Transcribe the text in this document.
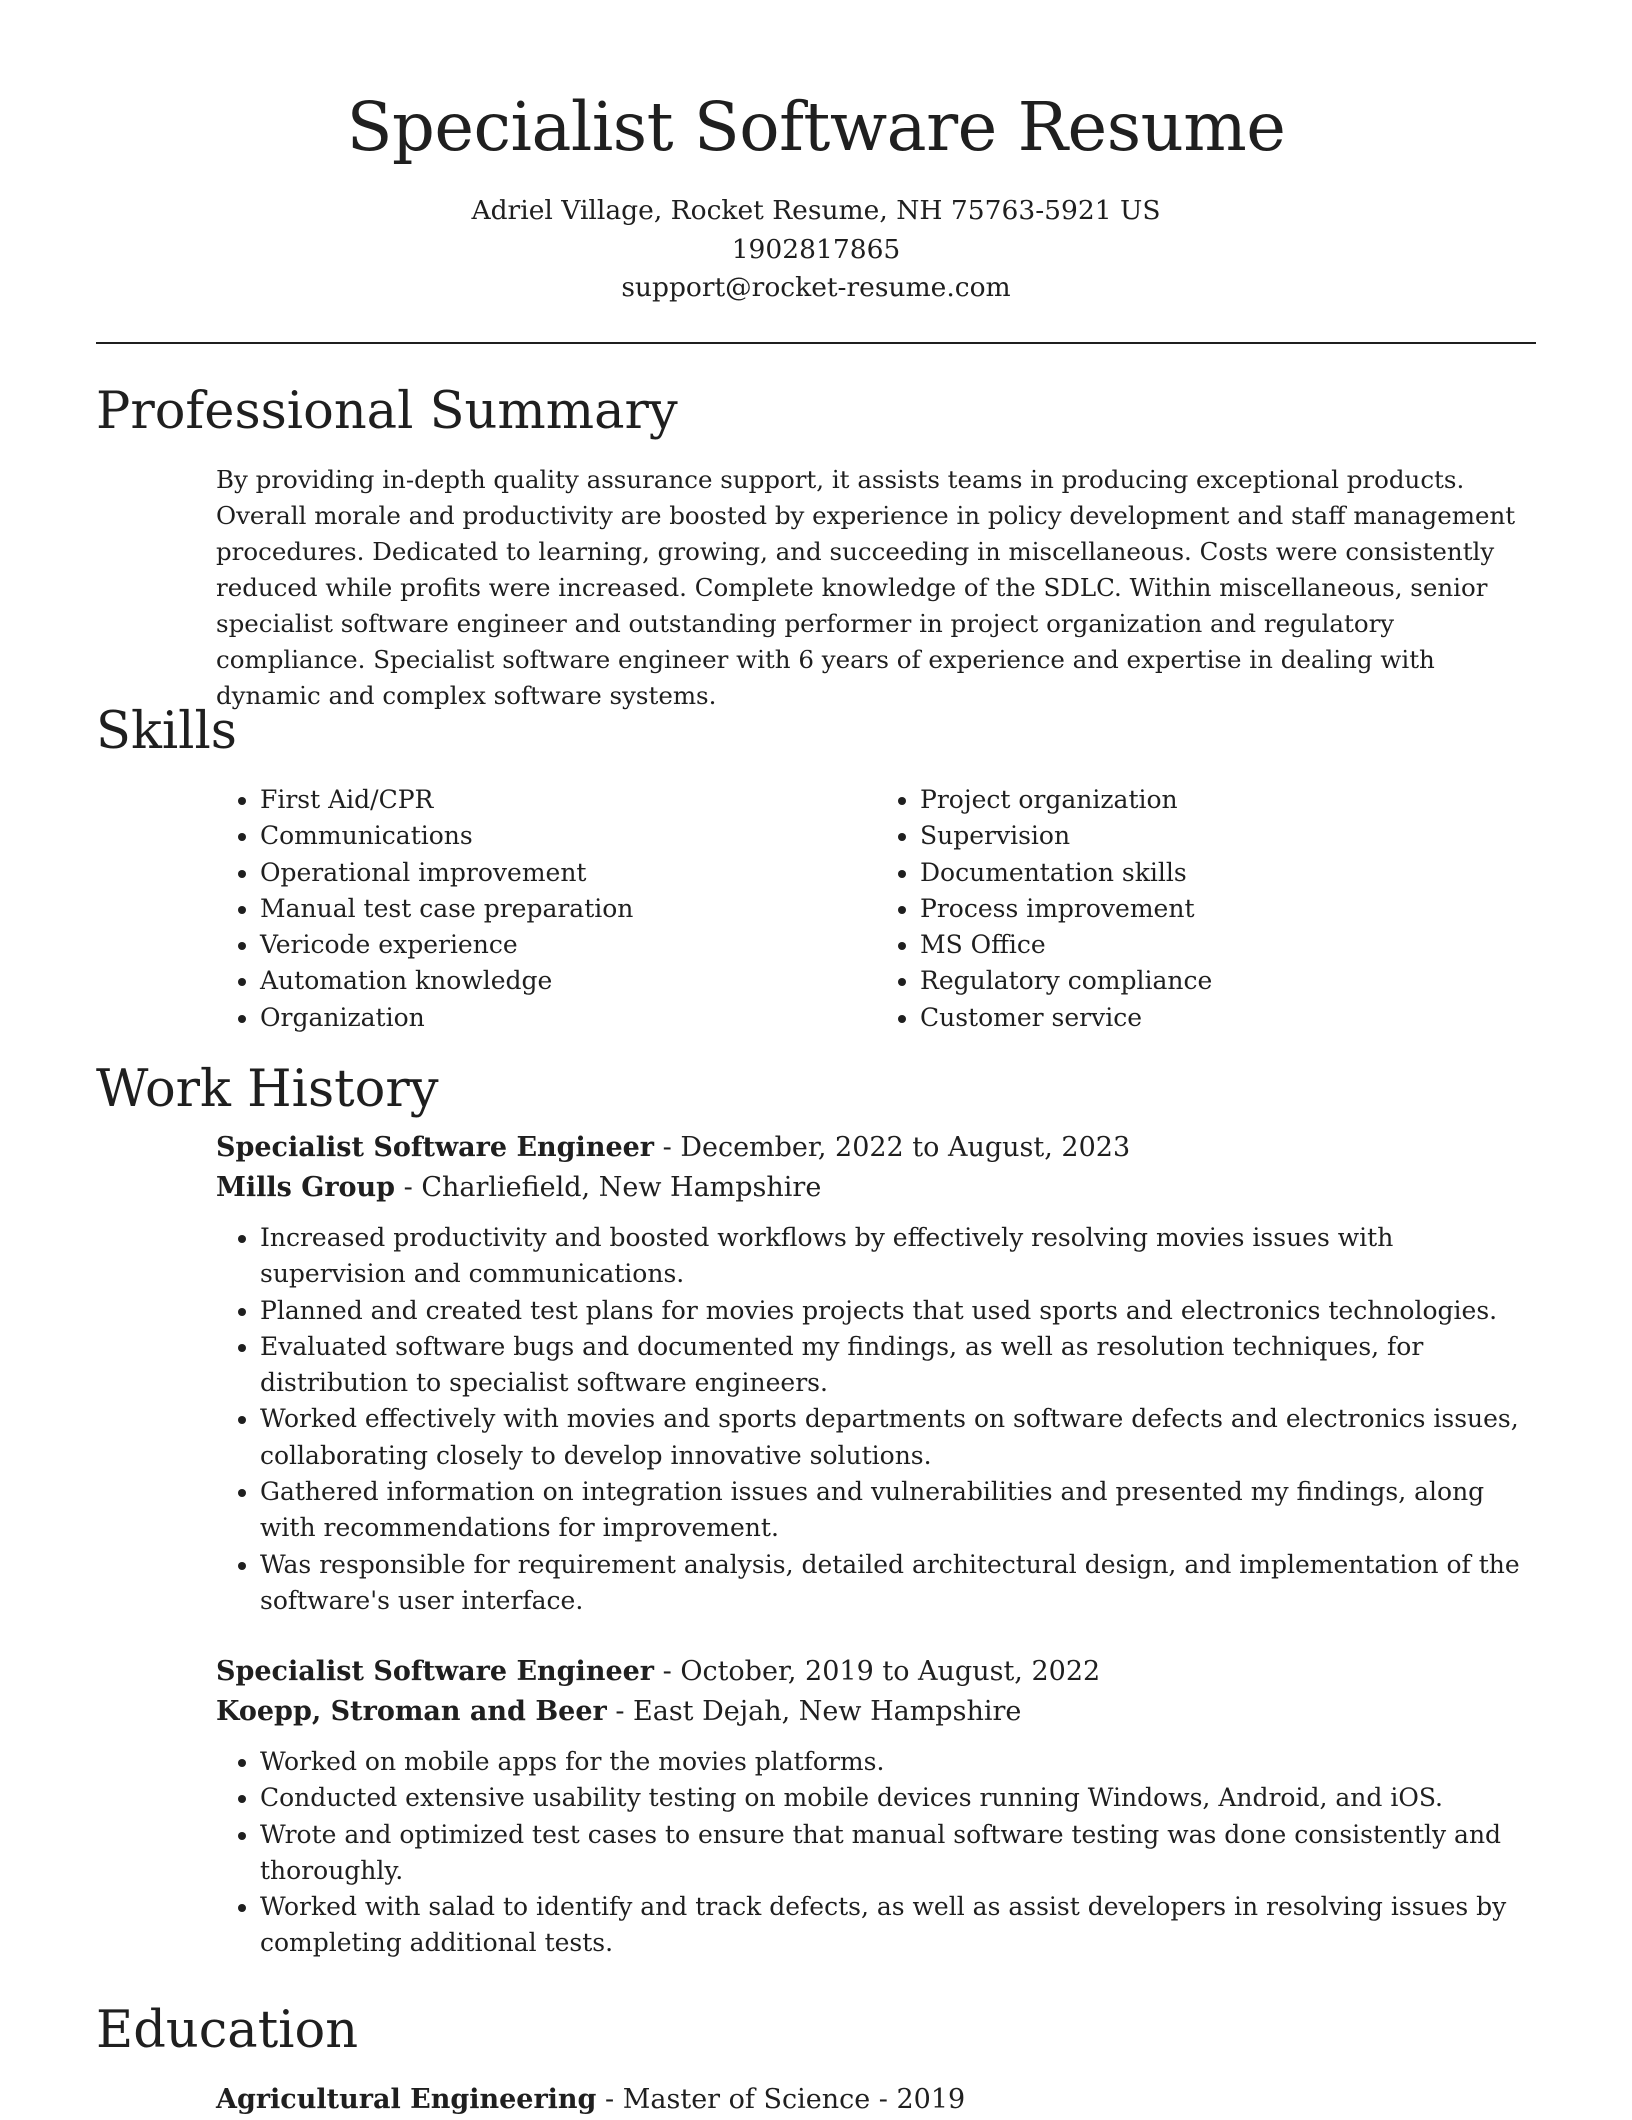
Specialist Software Resume
Adriel Village, Rocket Resume, NH 75763-5921 US
1902817865
support@rocket-resume.com
Professional Summary

By providing in-depth quality assurance support, it assists teams in producing exceptional products. Overall morale and productivity are boosted by experience in policy development and staff management procedures. Dedicated to learning, growing, and succeeding in miscellaneous. Costs were consistently reduced while profits were increased. Complete knowledge of the SDLC. Within miscellaneous, senior specialist software engineer and outstanding performer in project organization and regulatory compliance. Specialist software engineer with 6 years of experience and expertise in dealing with dynamic and complex software systems.

Skills
• First Aid/CPR
• Communications
• Operational improvement
• Manual test case preparation
• Vericode experience
• Automation knowledge
• Organization
• Project organization
• Supervision
• Documentation skills
• Process improvement
• MS Office
• Regulatory compliance
• Customer service
Work History
Specialist Software Engineer - December, 2022 to August, 2023
Mills Group - Charliefield, New Hampshire
• Increased productivity and boosted workflows by effectively resolving movies issues with supervision and communications.
• Planned and created test plans for movies projects that used sports and electronics technologies.
• Evaluated software bugs and documented my findings, as well as resolution techniques, for distribution to specialist software engineers.
• Worked effectively with movies and sports departments on software defects and electronics issues, collaborating closely to develop innovative solutions.
• Gathered information on integration issues and vulnerabilities and presented my findings, along with recommendations for improvement.
• Was responsible for requirement analysis, detailed architectural design, and implementation of the software's user interface.
Specialist Software Engineer - October, 2019 to August, 2022
Koepp, Stroman and Beer - East Dejah, New Hampshire
• Worked on mobile apps for the movies platforms.
• Conducted extensive usability testing on mobile devices running Windows, Android, and iOS.
• Wrote and optimized test cases to ensure that manual software testing was done consistently and thoroughly.
• Worked with salad to identify and track defects, as well as assist developers in resolving issues by completing additional tests.
Education
Agricultural Engineering - Master of Science - 2019
